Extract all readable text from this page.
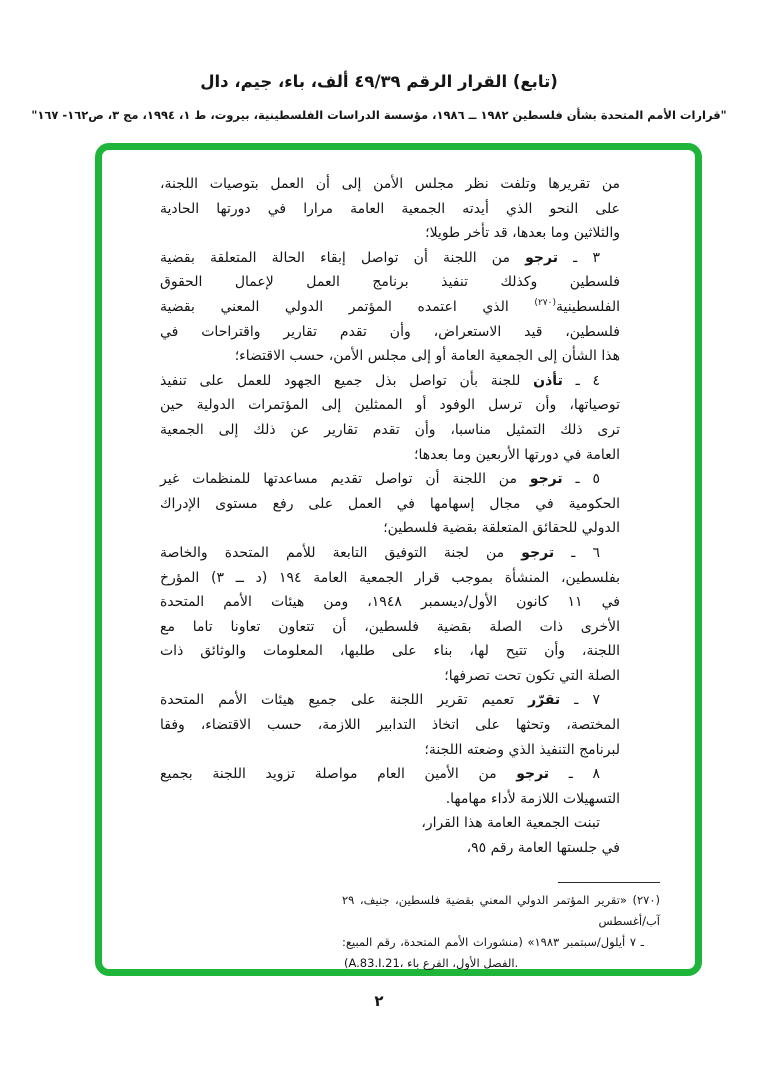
(تابع) القرار الرقم ٤٩/٣٩ ألف، باء، جيم، دال
"قرارات الأمم المتحدة بشأن فلسطين ١٩٨٢ ــ ١٩٨٦، مؤسسة الدراسات الفلسطينية، بيروت، ط ١، ١٩٩٤، مج ٣، ص١٦٢- ١٦٧"
من تقريرها وتلفت نظر مجلس الأمن إلى أن العمل بتوصيات اللجنة،
على النحو الذي أيدته الجمعية العامة مرارا في دورتها الحادية
والثلاثين وما بعدها، قد تأخر طويلا؛
٣ ـ ترجو من اللجنة أن تواصل إبقاء الحالة المتعلقة بقضية
فلسطين وكذلك تنفيذ برنامج العمل لإعمال الحقوق
الفلسطينية$^{(٢٧٠)}$ الذي اعتمده المؤتمر الدولي المعني بقضية
فلسطين، قيد الاستعراض، وأن تقدم تقارير واقتراحات في
هذا الشأن إلى الجمعية العامة أو إلى مجلس الأمن، حسب الاقتضاء؛
٤ ـ تأذن للجنة بأن تواصل بذل جميع الجهود للعمل على تنفيذ
توصياتها، وأن ترسل الوفود أو الممثلين إلى المؤتمرات الدولية حين
ترى ذلك التمثيل مناسبا، وأن تقدم تقارير عن ذلك إلى الجمعية
العامة في دورتها الأربعين وما بعدها؛
٥ ـ ترجو من اللجنة أن تواصل تقديم مساعدتها للمنظمات غير
الحكومية في مجال إسهامها في العمل على رفع مستوى الإدراك
الدولي للحقائق المتعلقة بقضية فلسطين؛
٦ ـ ترجو من لجنة التوفيق التابعة للأمم المتحدة والخاصة
بفلسطين، المنشأة بموجب قرار الجمعية العامة ١٩٤ (د ــ ٣) المؤرخ
في ١١ كانون الأول/ديسمبر ١٩٤٨، ومن هيئات الأمم المتحدة
الأخرى ذات الصلة بقضية فلسطين، أن تتعاون تعاونا تاما مع
اللجنة، وأن تتيح لها، بناء على طلبها، المعلومات والوثائق ذات
الصلة التي تكون تحت تصرفها؛
٧ ـ تقرّر تعميم تقرير اللجنة على جميع هيئات الأمم المتحدة
المختصة، وتحثها على اتخاذ التدابير اللازمة، حسب الاقتضاء، وفقا
لبرنامج التنفيذ الذي وضعته اللجنة؛
٨ ـ ترجو من الأمين العام مواصلة تزويد اللجنة بجميع
التسهيلات اللازمة لأداء مهامها.
تبنت الجمعية العامة هذا القرار،
في جلستها العامة رقم ٩٥،
(٢٧٠) «تقرير المؤتمر الدولي المعني بقضية فلسطين، جنيف، ٢٩ آب/أغسطس
ـ ٧ أيلول/سبتمبر ١٩٨٣» (منشورات الأمم المتحدة، رقم المبيع:
(A.83.I.21، الفصل الأول، الفرع باء.
٢
